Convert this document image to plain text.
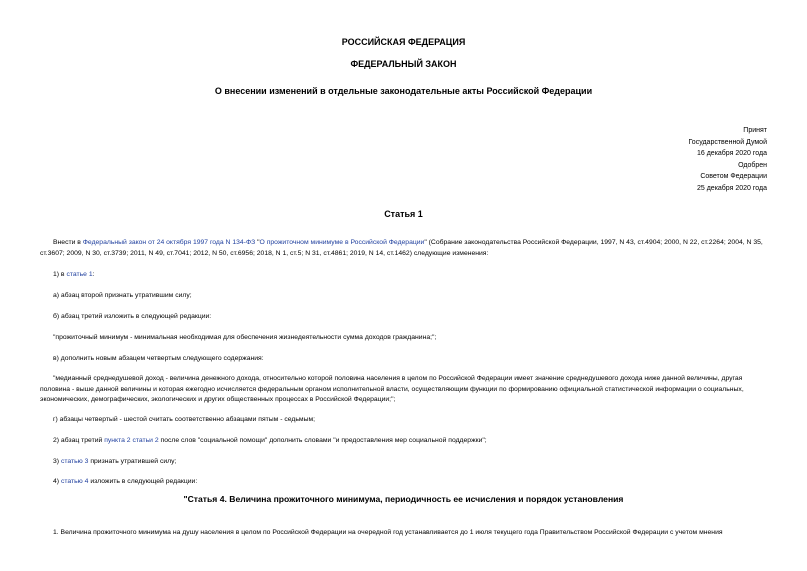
РОССИЙСКАЯ ФЕДЕРАЦИЯ
ФЕДЕРАЛЬНЫЙ ЗАКОН
О внесении изменений в отдельные законодательные акты Российской Федерации
Принят
Государственной Думой
16 декабря 2020 года
Одобрен
Советом Федерации
25 декабря 2020 года
Статья 1
Внести в Федеральный закон от 24 октября 1997 года N 134-ФЗ "О прожиточном минимуме в Российской Федерации" (Собрание законодательства Российской Федерации, 1997, N 43, ст.4904; 2000, N 22, ст.2264; 2004, N 35, ст.3607; 2009, N 30, ст.3739; 2011, N 49, ст.7041; 2012, N 50, ст.6956; 2018, N 1, ст.5; N 31, ст.4861; 2019, N 14, ст.1462) следующие изменения:
1) в статье 1:
а) абзац второй признать утратившим силу;
б) абзац третий изложить в следующей редакции:
"прожиточный минимум - минимальная необходимая для обеспечения жизнедеятельности сумма доходов гражданина;";
в) дополнить новым абзацем четвертым следующего содержания:
"медианный среднедушевой доход - величина денежного дохода, относительно которой половина населения в целом по Российской Федерации имеет значение среднедушевого дохода ниже данной величины, другая половина - выше данной величины и которая ежегодно исчисляется федеральным органом исполнительной власти, осуществляющим функции по формированию официальной статистической информации о социальных, экономических, демографических, экологических и других общественных процессах в Российской Федерации;";
г) абзацы четвертый - шестой считать соответственно абзацами пятым - седьмым;
2) абзац третий пункта 2 статьи 2 после слов "социальной помощи" дополнить словами "и предоставления мер социальной поддержки";
3) статью 3 признать утратившей силу;
4) статью 4 изложить в следующей редакции:
"Статья 4. Величина прожиточного минимума, периодичность ее исчисления и порядок установления
1. Величина прожиточного минимума на душу населения в целом по Российской Федерации на очередной год устанавливается до 1 июля текущего года Правительством Российской Федерации с учетом мнения
